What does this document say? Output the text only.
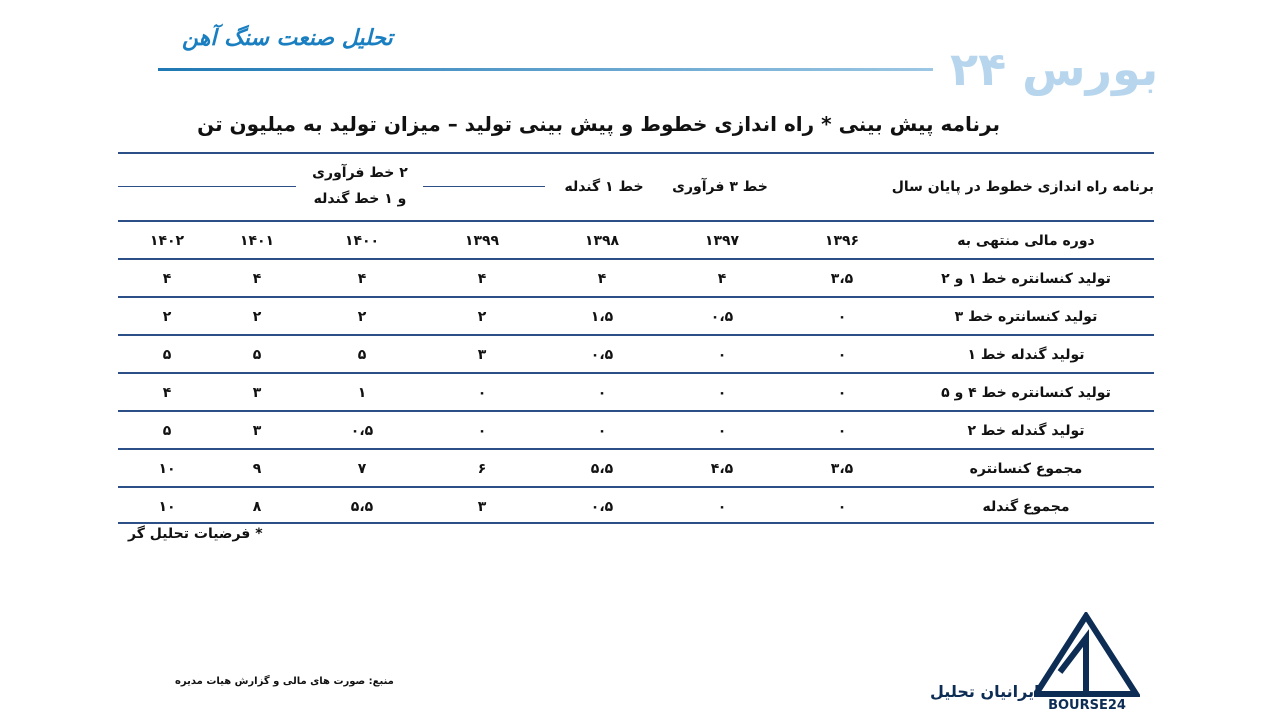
تحلیل صنعت سنگ آهن
بورس ۲۴
برنامه پیش بینی * راه اندازی خطوط و پیش بینی تولید – میزان تولید به میلیون تن
برنامه راه اندازی خطوط در پایان سال
خط ۳ فرآوری
خط ۱ گندله
۲ خط فرآوری
و ۱ خط گندله
دوره مالی منتهی به
۱۳۹۶
۱۳۹۷
۱۳۹۸
۱۳۹۹
۱۴۰۰
۱۴۰۱
۱۴۰۲
تولید کنسانتره خط ۱ و ۲
۳،۵
۴
۴
۴
۴
۴
۴
تولید کنسانتره خط ۳
۰
۰،۵
۱،۵
۲
۲
۲
۲
تولید گندله خط ۱
۰
۰
۰،۵
۳
۵
۵
۵
تولید کنسانتره خط ۴ و ۵
۰
۰
۰
۰
۱
۳
۴
تولید گندله خط ۲
۰
۰
۰
۰
۰،۵
۳
۵
مجموع کنسانتره
۳،۵
۴،۵
۵،۵
۶
۷
۹
۱۰
مجموع گندله
۰
۰
۰،۵
۳
۵،۵
۸
۱۰
* فرضیات تحلیل گر
منبع: صورت های مالی و گزارش هیات مدیره
ایرانیان تحلیل
BOURSE24
